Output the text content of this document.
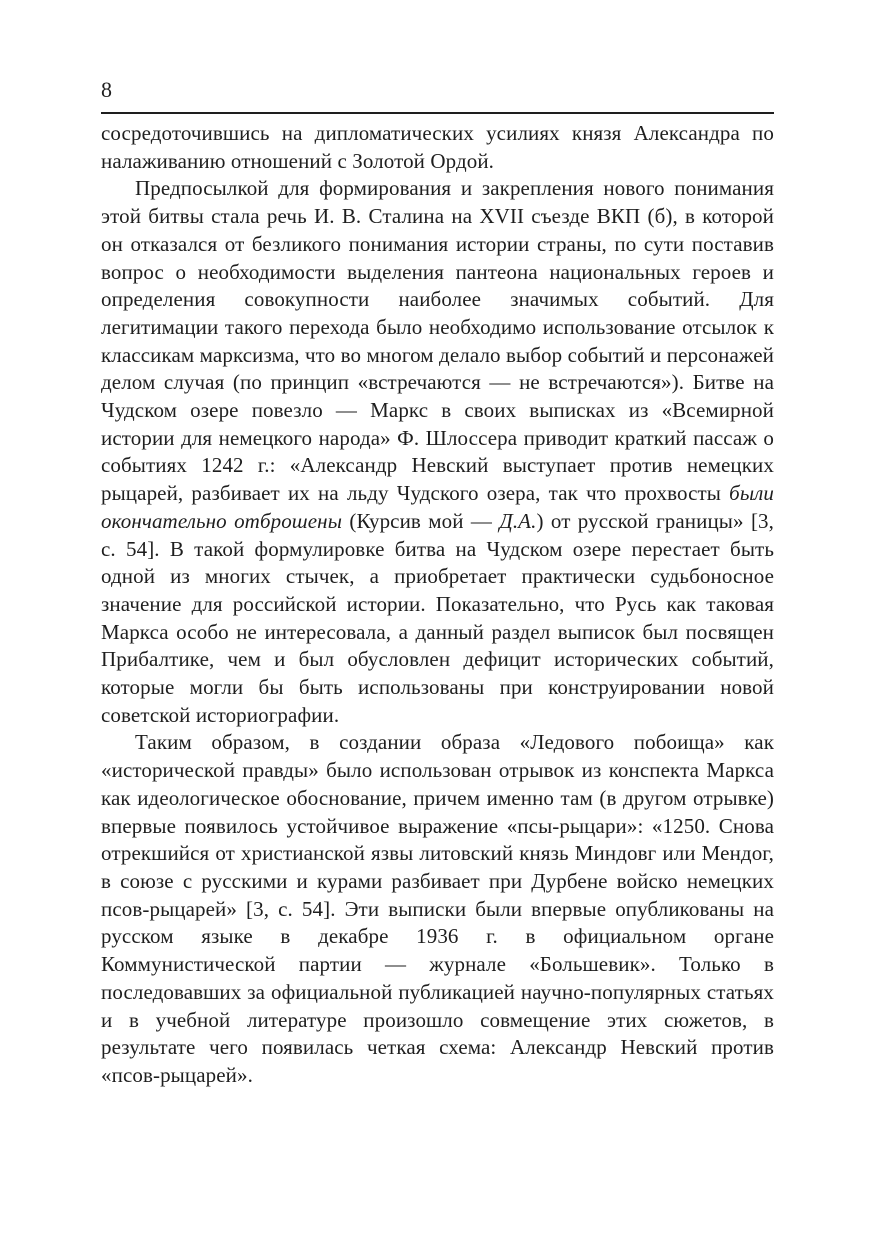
8

сосредоточившись на дипломатических усилиях князя Александра по налаживанию отношений с Золотой Ордой.

Предпосылкой для формирования и закрепления нового понимания этой битвы стала речь И. В. Сталина на XVII съезде ВКП (б), в которой он отказался от безликого понимания истории страны, по сути поставив вопрос о необходимости выделения пантеона национальных героев и определения совокупности наиболее значимых событий. Для легитимации такого перехода было необходимо использование отсылок к классикам марксизма, что во многом делало выбор событий и персонажей делом случая (по принцип «встречаются — не встречаются»). Битве на Чудском озере повезло — Маркс в своих выписках из «Всемирной истории для немецкого народа» Ф. Шлоссера приводит краткий пассаж о событиях 1242 г.: «Александр Невский выступает против немецких рыцарей, разбивает их на льду Чудского озера, так что прохвосты были окончательно отброшены (Курсив мой — Д.А.) от русской границы» [3, с. 54]. В такой формулировке битва на Чудском озере перестает быть одной из многих стычек, а приобретает практически судьбоносное значение для российской истории. Показательно, что Русь как таковая Маркса особо не интересовала, а данный раздел выписок был посвящен Прибалтике, чем и был обусловлен дефицит исторических событий, которые могли бы быть использованы при конструировании новой советской историографии.

Таким образом, в создании образа «Ледового побоища» как «исторической правды» было использован отрывок из конспекта Маркса как идеологическое обоснование, причем именно там (в другом отрывке) впервые появилось устойчивое выражение «псы-рыцари»: «1250. Снова отрекшийся от христианской язвы литовский князь Миндовг или Мендог, в союзе с русскими и курами разбивает при Дурбене войско немецких псов-рыцарей» [3, с. 54]. Эти выписки были впервые опубликованы на русском языке в декабре 1936 г. в официальном органе Коммунистической партии — журнале «Большевик». Только в последовавших за официальной публикацией научно-популярных статьях и в учебной литературе произошло совмещение этих сюжетов, в результате чего появилась четкая схема: Александр Невский против «псов-рыцарей».
